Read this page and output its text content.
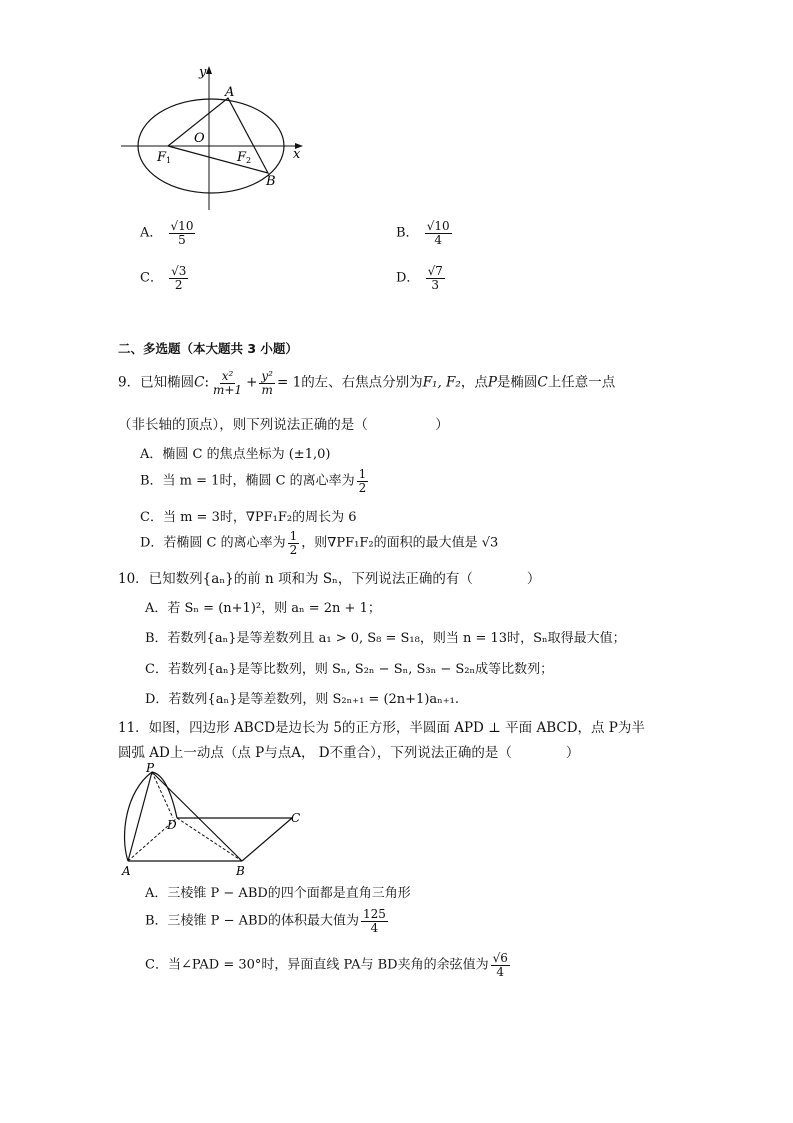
y
x
A
O
F1	F2
B
A． $\frac{√10}{5}$	B． $\frac{√10}{4}$
C． $\frac{√3}{2}$	D． $\frac{√7}{3}$
二、多选题（本大题共 3 小题）
9．已知椭圆C: $\frac{\text{x²}}{m+1} + \frac{\text{y²}}{m} = 1$的左、右焦点分别为F₁, F₂，点P是椭圆C上任意一点
（非长轴的顶点），则下列说法正确的是（　　　　　）
A．椭圆 C 的焦点坐标为 (±1,0)
B．当 m = 1时，椭圆 C 的离心率为 $\frac{1}{2}$
C．当 m = 3时，∇PF₁F₂的周长为 6
D．若椭圆 C 的离心率为 $\frac{1}{2}$ ，则∇PF₁F₂的面积的最大值是 √3
10．已知数列{aₙ}的前 n 项和为 Sₙ，下列说法正确的有（　　　　）
A．若 Sₙ = (n+1)²，则 aₙ = 2n + 1；
B．若数列{aₙ}是等差数列且 a₁ > 0, S₈ = S₁₈，则当 n = 13时，Sₙ取得最大值；
C．若数列{aₙ}是等比数列，则 Sₙ, S₂ₙ − Sₙ, S₃ₙ − S₂ₙ成等比数列；
D．若数列{aₙ}是等差数列，则 S₂ₙ₊₁ = (2n+1)aₙ₊₁.
11．如图，四边形 ABCD是边长为 5的正方形，半圆面 APD ⊥ 平面 ABCD，点 P为半
圆弧 AD上一动点（点 P与点A， D不重合），下列说法正确的是（　　　　）
P
D	C
A	B
A．三棱锥 P − ABD的四个面都是直角三角形
B．三棱锥 P − ABD的体积最大值为 $\frac{125}{4}$
C．当∠PAD = 30°时，异面直线 PA与 BD夹角的余弦值为 $\frac{√6}{4}$
